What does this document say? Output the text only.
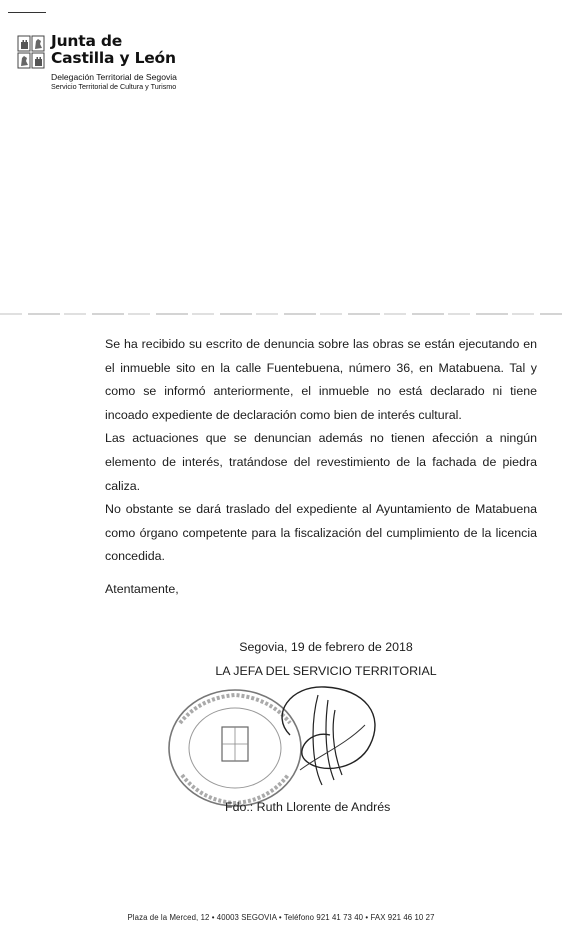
Junta de
Castilla y León
Delegación Territorial de Segovia
Servicio Territorial de Cultura y Turismo

Se ha recibido su escrito de denuncia sobre las obras se están ejecutando en el inmueble sito en la calle Fuentebuena, número 36, en Matabuena. Tal y como se informó anteriormente, el inmueble no está declarado ni tiene incoado expediente de declaración como bien de interés cultural.

Las actuaciones que se denuncian además no tienen afección a ningún elemento de interés, tratándose del revestimiento de la fachada de piedra caliza.

No obstante se dará traslado del expediente al Ayuntamiento de Matabuena como órgano competente para la fiscalización del cumplimiento de la licencia concedida.

Atentamente,
Segovia, 19 de febrero de 2018
LA JEFA DEL SERVICIO TERRITORIAL
Fdo.: Ruth Llorente de Andrés
Plaza de la Merced, 12 • 40003 SEGOVIA • Teléfono 921 41 73 40 • FAX 921 46 10 27
